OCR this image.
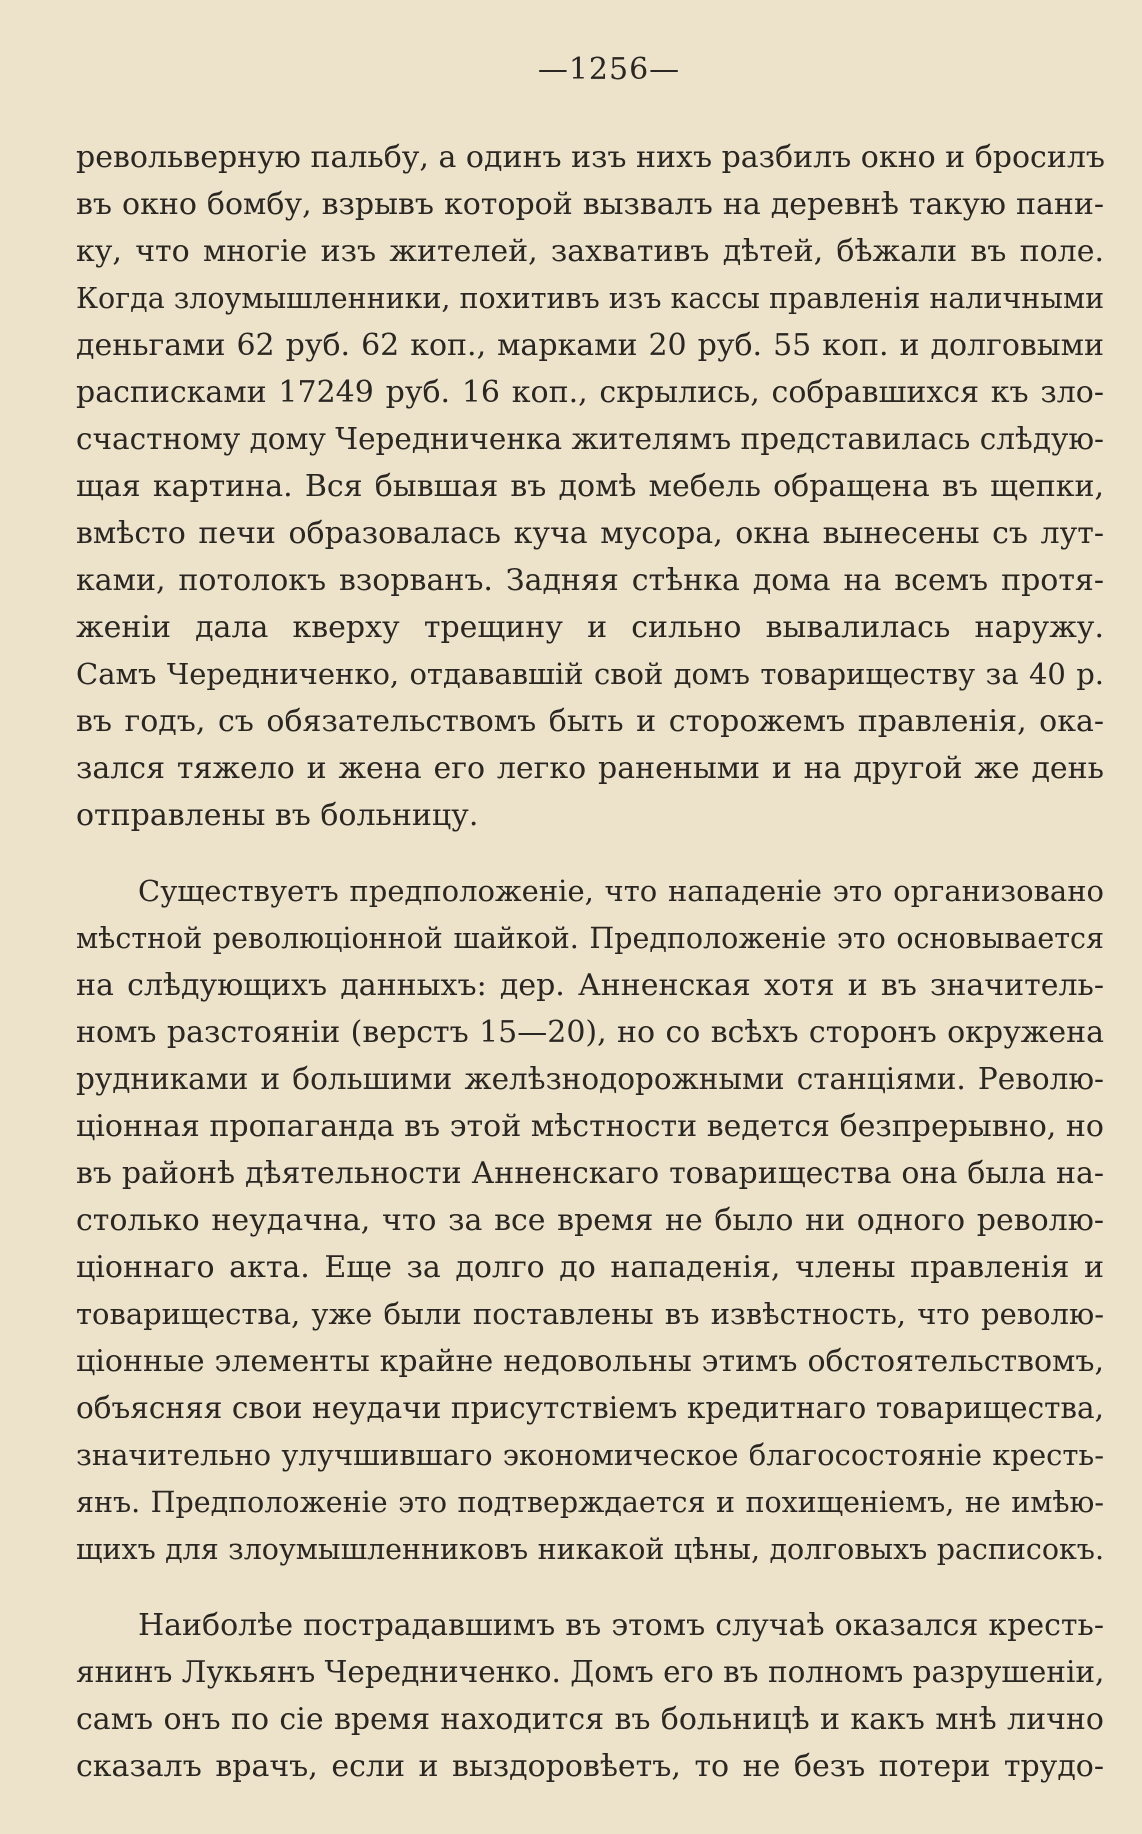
—1256—
револьверную пальбу, а одинъ изъ нихъ разбилъ окно и бросилъ
въ окно бомбу, взрывъ которой вызвалъ на деревнѣ такую пани-
ку, что многіе изъ жителей, захвативъ дѣтей, бѣжали въ поле.
Когда злоумышленники, похитивъ изъ кассы правленія наличными
деньгами 62 руб. 62 коп., марками 20 руб. 55 коп. и долговыми
расписками 17249 руб. 16 коп., скрылись, собравшихся къ зло-
счастному дому Чередниченка жителямъ представилась слѣдую-
щая картина. Вся бывшая въ домѣ мебель обращена въ щепки,
вмѣсто печи образовалась куча мусора, окна вынесены съ лут-
ками, потолокъ взорванъ. Задняя стѣнка дома на всемъ протя-
женіи дала кверху трещину и сильно вывалилась наружу.
Самъ Чередниченко, отдававшій свой домъ товариществу за 40 р.
въ годъ, съ обязательствомъ быть и сторожемъ правленія, ока-
зался тяжело и жена его легко ранеными и на другой же день
отправлены въ больницу.
Существуетъ предположеніе, что нападеніе это организовано
мѣстной революціонной шайкой. Предположеніе это основывается
на слѣдующихъ данныхъ: дер. Анненская хотя и въ значитель-
номъ разстояніи (верстъ 15—20), но со всѣхъ сторонъ окружена
рудниками и большими желѣзнодорожными станціями. Револю-
ціонная пропаганда въ этой мѣстности ведется безпрерывно, но
въ районѣ дѣятельности Анненскаго товарищества она была на-
столько неудачна, что за все время не было ни одного револю-
ціоннаго акта. Еще за долго до нападенія, члены правленія и
товарищества, уже были поставлены въ извѣстность, что револю-
ціонные элементы крайне недовольны этимъ обстоятельствомъ,
объясняя свои неудачи присутствіемъ кредитнаго товарищества,
значительно улучшившаго экономическое благосостояніе кресть-
янъ. Предположеніе это подтверждается и похищеніемъ, не имѣю-
щихъ для злоумышленниковъ никакой цѣны, долговыхъ расписокъ.
Наиболѣе пострадавшимъ въ этомъ случаѣ оказался кресть-
янинъ Лукьянъ Чередниченко. Домъ его въ полномъ разрушеніи,
самъ онъ по сіе время находится въ больницѣ и какъ мнѣ лично
сказалъ врачъ, если и выздоровѣетъ, то не безъ потери трудо-
